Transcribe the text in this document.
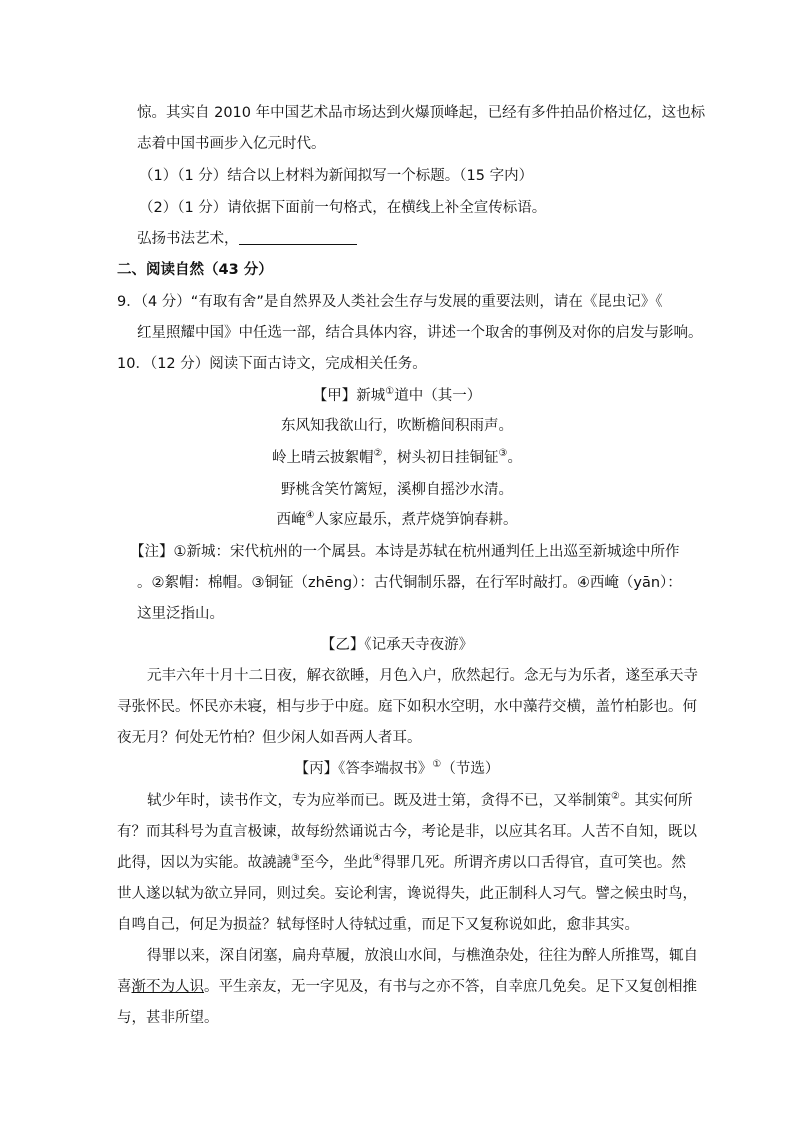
惊。其实自 2010 年中国艺术品市场达到火爆顶峰起，已经有多件拍品价格过亿，这也标
志着中国书画步入亿元时代。
（1）（1 分）结合以上材料为新闻拟写一个标题。（15 字内）
（2）（1 分）请依据下面前一句格式，在横线上补全宣传标语。
弘扬书法艺术，
二、阅读自然（43 分）
9．（4 分）“有取有舍”是自然界及人类社会生存与发展的重要法则，请在《昆虫记》《
红星照耀中国》中任选一部，结合具体内容，讲述一个取舍的事例及对你的启发与影响。
10．（12 分）阅读下面古诗文，完成相关任务。
【甲】新城①道中（其一）
东风知我欲山行，吹断檐间积雨声。
岭上晴云披絮帽②，树头初日挂铜钲③。
野桃含笑竹篱短，溪柳自摇沙水清。
西崦④人家应最乐，煮芹烧笋饷春耕。
【注】①新城：宋代杭州的一个属县。本诗是苏轼在杭州通判任上出巡至新城途中所作
。②絮帽：棉帽。③铜钲（zhēng）：古代铜制乐器，在行军时敲打。④西崦（yān）：
这里泛指山。
【乙】《记承天寺夜游》
元丰六年十月十二日夜，解衣欲睡，月色入户，欣然起行。念无与为乐者，遂至承天寺
寻张怀民。怀民亦未寝，相与步于中庭。庭下如积水空明，水中藻荇交横，盖竹柏影也。何
夜无月？何处无竹柏？但少闲人如吾两人者耳。
【丙】《答李端叔书》①（节选）
轼少年时，读书作文，专为应举而已。既及进士第，贪得不已，又举制策②。其实何所
有？而其科号为直言极谏，故每纷然诵说古今，考论是非，以应其名耳。人苦不自知，既以
此得，因以为实能。故譊譊③至今，坐此④得罪几死。所谓齐虏以口舌得官，直可笑也。然
世人遂以轼为欲立异同，则过矣。妄论利害，谗说得失，此正制科人习气。譬之候虫时鸟，
自鸣自己，何足为损益？轼每怪时人待轼过重，而足下又复称说如此，愈非其实。
得罪以来，深自闭塞，扁舟草履，放浪山水间，与樵渔杂处，往往为醉人所推骂，辄自
喜渐不为人识。平生亲友，无一字见及，有书与之亦不答，自幸庶几免矣。足下又复创相推
与，甚非所望。
